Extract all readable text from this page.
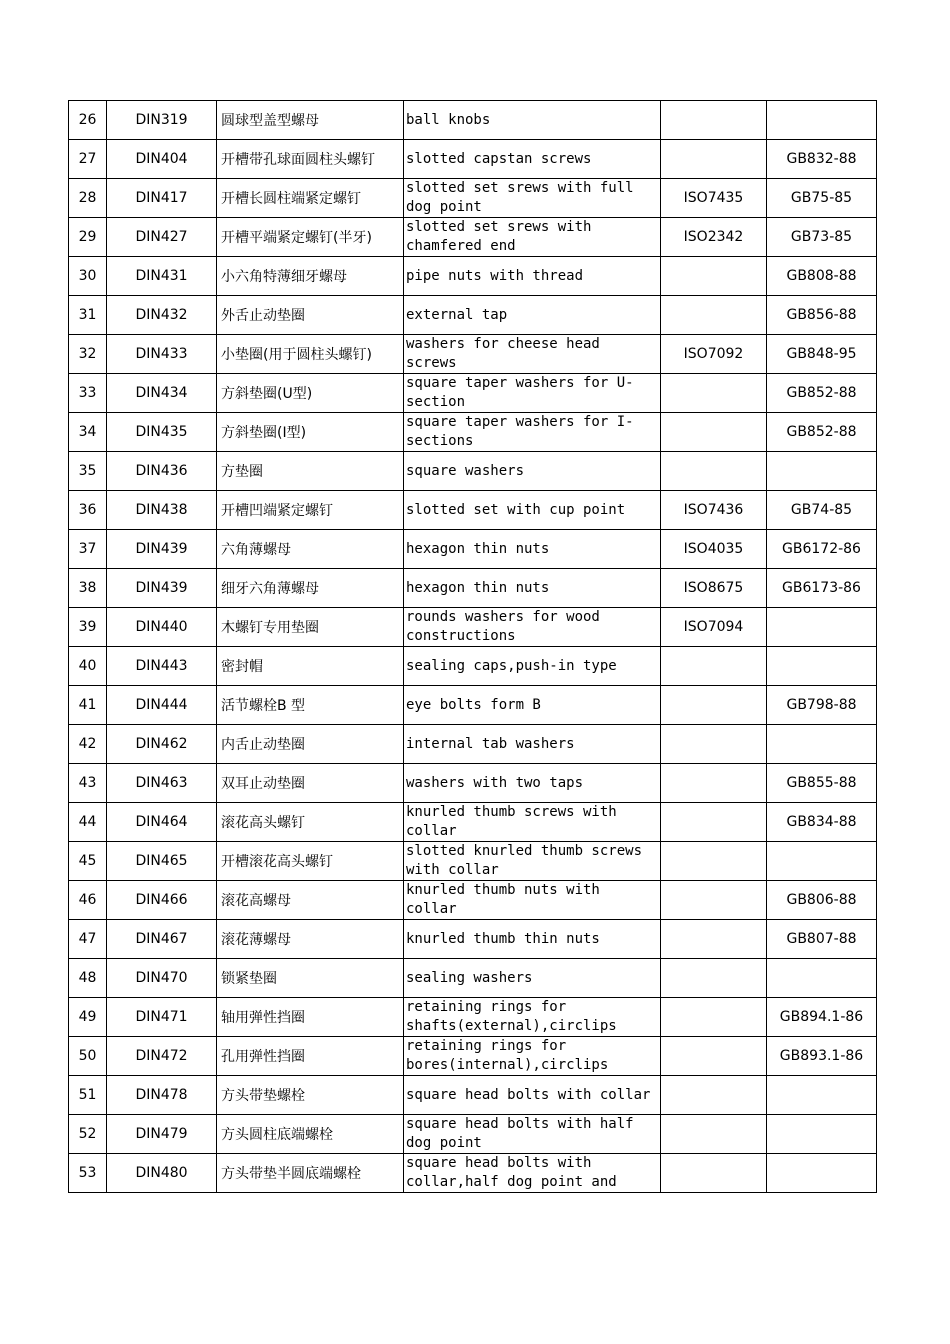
26	DIN319	圆球型盖型螺母	ball knobs		
27	DIN404	开槽带孔球面圆柱头螺钉	slotted capstan screws		GB832-88
28	DIN417	开槽长圆柱端紧定螺钉	slotted set srews with full dog point	ISO7435	GB75-85
29	DIN427	开槽平端紧定螺钉(半牙)	slotted set srews with chamfered end	ISO2342	GB73-85
30	DIN431	小六角特薄细牙螺母	pipe nuts with thread		GB808-88
31	DIN432	外舌止动垫圈	external tap		GB856-88
32	DIN433	小垫圈(用于圆柱头螺钉)	washers for cheese head screws	ISO7092	GB848-95
33	DIN434	方斜垫圈(U型)	square taper washers for U-section		GB852-88
34	DIN435	方斜垫圈(I型)	square taper washers for I-sections		GB852-88
35	DIN436	方垫圈	square washers		
36	DIN438	开槽凹端紧定螺钉	slotted set with cup point	ISO7436	GB74-85
37	DIN439	六角薄螺母	hexagon thin nuts	ISO4035	GB6172-86
38	DIN439	细牙六角薄螺母	hexagon thin nuts	ISO8675	GB6173-86
39	DIN440	木螺钉专用垫圈	rounds washers for wood constructions	ISO7094	
40	DIN443	密封帽	sealing caps,push-in type		
41	DIN444	活节螺栓B 型	eye bolts form B		GB798-88
42	DIN462	内舌止动垫圈	internal tab washers		
43	DIN463	双耳止动垫圈	washers with two taps		GB855-88
44	DIN464	滚花高头螺钉	knurled thumb screws with collar		GB834-88
45	DIN465	开槽滚花高头螺钉	slotted knurled thumb screws with collar		
46	DIN466	滚花高螺母	knurled thumb nuts with collar		GB806-88
47	DIN467	滚花薄螺母	knurled thumb thin nuts		GB807-88
48	DIN470	锁紧垫圈	sealing washers		
49	DIN471	轴用弹性挡圈	retaining rings for shafts(external),circlips		GB894.1-86
50	DIN472	孔用弹性挡圈	retaining rings for bores(internal),circlips		GB893.1-86
51	DIN478	方头带垫螺栓	square head bolts with collar		
52	DIN479	方头圆柱底端螺栓	square head bolts with half dog point		
53	DIN480	方头带垫半圆底端螺栓	square head bolts with collar,half dog point and		
